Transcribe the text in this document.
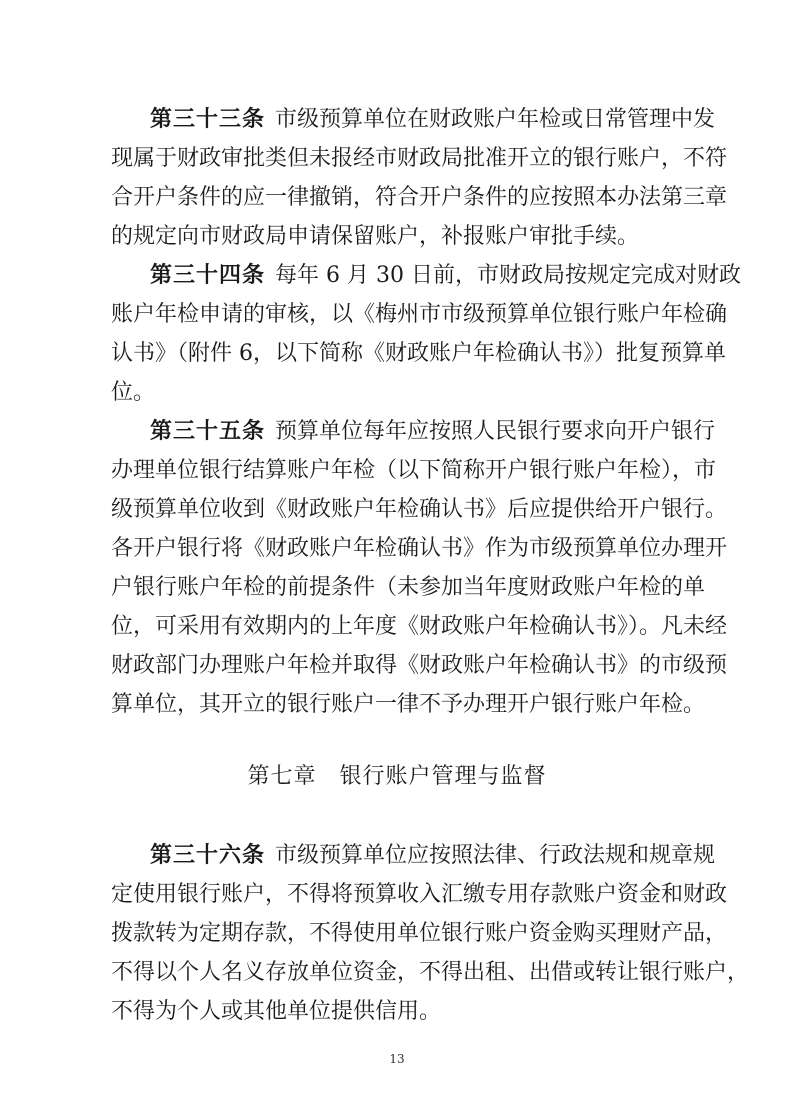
第三十三条 市级预算单位在财政账户年检或日常管理中发
现属于财政审批类但未报经市财政局批准开立的银行账户，不符
合开户条件的应一律撤销，符合开户条件的应按照本办法第三章
的规定向市财政局申请保留账户，补报账户审批手续。
第三十四条 每年 6 月 30 日前，市财政局按规定完成对财政
账户年检申请的审核，以《梅州市市级预算单位银行账户年检确
认书》（附件 6，以下简称《财政账户年检确认书》）批复预算单
位。
第三十五条 预算单位每年应按照人民银行要求向开户银行
办理单位银行结算账户年检（以下简称开户银行账户年检），市
级预算单位收到《财政账户年检确认书》后应提供给开户银行。
各开户银行将《财政账户年检确认书》作为市级预算单位办理开
户银行账户年检的前提条件（未参加当年度财政账户年检的单
位，可采用有效期内的上年度《财政账户年检确认书》）。凡未经
财政部门办理账户年检并取得《财政账户年检确认书》的市级预
算单位，其开立的银行账户一律不予办理开户银行账户年检。
第七章　银行账户管理与监督
第三十六条 市级预算单位应按照法律、行政法规和规章规
定使用银行账户，不得将预算收入汇缴专用存款账户资金和财政
拨款转为定期存款，不得使用单位银行账户资金购买理财产品，
不得以个人名义存放单位资金，不得出租、出借或转让银行账户，
不得为个人或其他单位提供信用。
13
